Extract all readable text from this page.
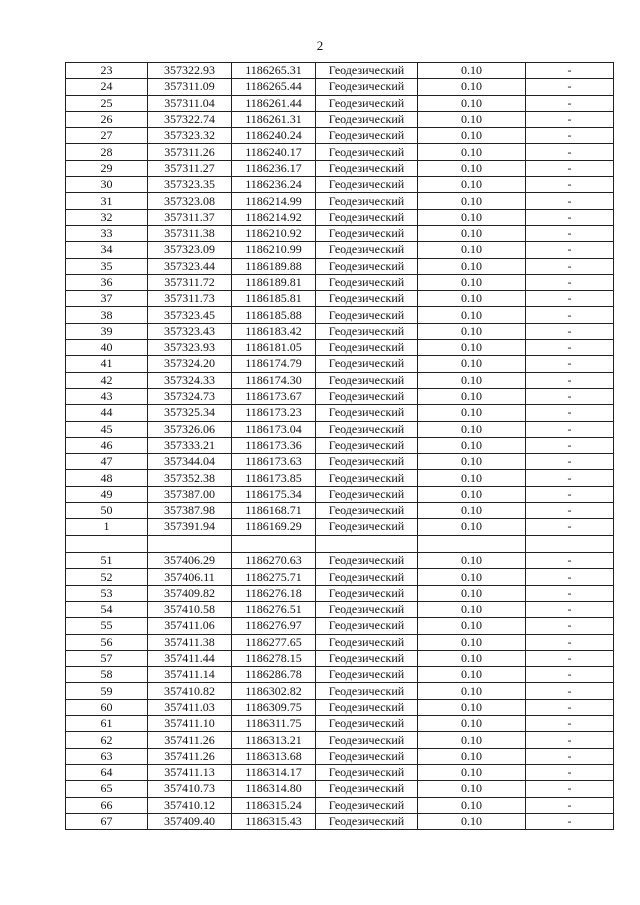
2
23	357322.93	1186265.31	Геодезический	0.10	-
24	357311.09	1186265.44	Геодезический	0.10	-
25	357311.04	1186261.44	Геодезический	0.10	-
26	357322.74	1186261.31	Геодезический	0.10	-
27	357323.32	1186240.24	Геодезический	0.10	-
28	357311.26	1186240.17	Геодезический	0.10	-
29	357311.27	1186236.17	Геодезический	0.10	-
30	357323.35	1186236.24	Геодезический	0.10	-
31	357323.08	1186214.99	Геодезический	0.10	-
32	357311.37	1186214.92	Геодезический	0.10	-
33	357311.38	1186210.92	Геодезический	0.10	-
34	357323.09	1186210.99	Геодезический	0.10	-
35	357323.44	1186189.88	Геодезический	0.10	-
36	357311.72	1186189.81	Геодезический	0.10	-
37	357311.73	1186185.81	Геодезический	0.10	-
38	357323.45	1186185.88	Геодезический	0.10	-
39	357323.43	1186183.42	Геодезический	0.10	-
40	357323.93	1186181.05	Геодезический	0.10	-
41	357324.20	1186174.79	Геодезический	0.10	-
42	357324.33	1186174.30	Геодезический	0.10	-
43	357324.73	1186173.67	Геодезический	0.10	-
44	357325.34	1186173.23	Геодезический	0.10	-
45	357326.06	1186173.04	Геодезический	0.10	-
46	357333.21	1186173.36	Геодезический	0.10	-
47	357344.04	1186173.63	Геодезический	0.10	-
48	357352.38	1186173.85	Геодезический	0.10	-
49	357387.00	1186175.34	Геодезический	0.10	-
50	357387.98	1186168.71	Геодезический	0.10	-
1	357391.94	1186169.29	Геодезический	0.10	-

51	357406.29	1186270.63	Геодезический	0.10	-
52	357406.11	1186275.71	Геодезический	0.10	-
53	357409.82	1186276.18	Геодезический	0.10	-
54	357410.58	1186276.51	Геодезический	0.10	-
55	357411.06	1186276.97	Геодезический	0.10	-
56	357411.38	1186277.65	Геодезический	0.10	-
57	357411.44	1186278.15	Геодезический	0.10	-
58	357411.14	1186286.78	Геодезический	0.10	-
59	357410.82	1186302.82	Геодезический	0.10	-
60	357411.03	1186309.75	Геодезический	0.10	-
61	357411.10	1186311.75	Геодезический	0.10	-
62	357411.26	1186313.21	Геодезический	0.10	-
63	357411.26	1186313.68	Геодезический	0.10	-
64	357411.13	1186314.17	Геодезический	0.10	-
65	357410.73	1186314.80	Геодезический	0.10	-
66	357410.12	1186315.24	Геодезический	0.10	-
67	357409.40	1186315.43	Геодезический	0.10	-
